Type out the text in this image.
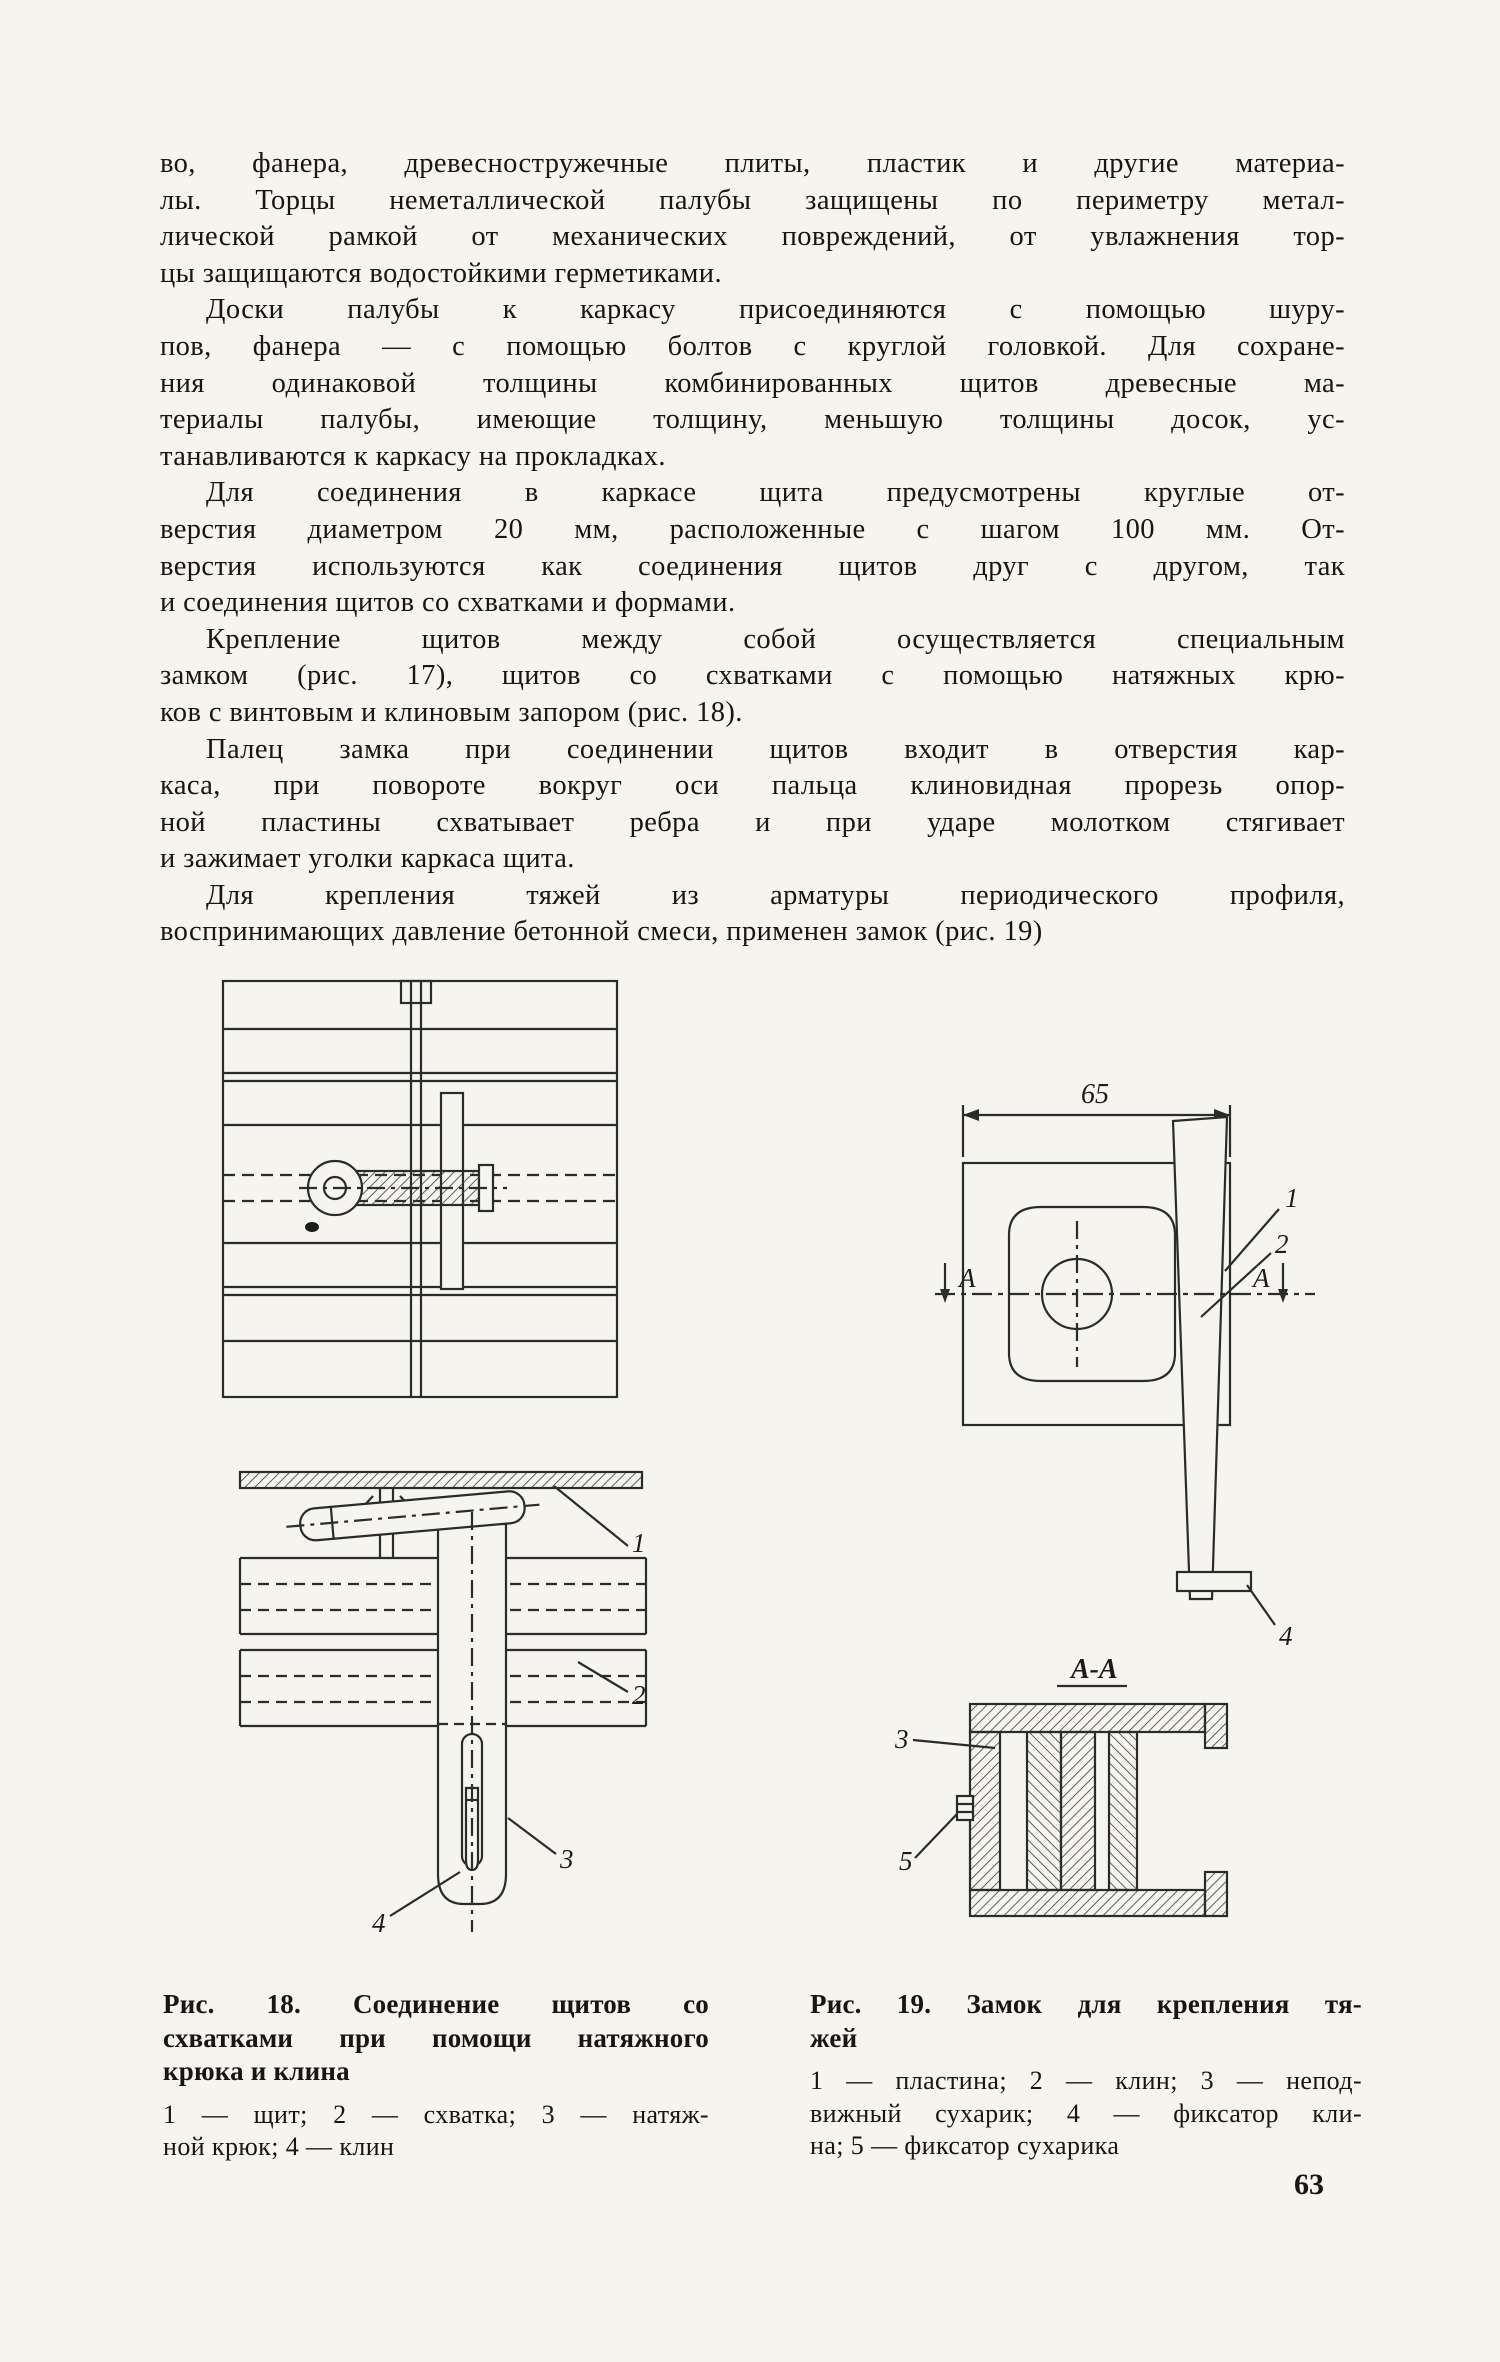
во, фанера, древесностружечные плиты, пластик и другие материа-
лы. Торцы неметаллической палубы защищены по периметру метал-
лической рамкой от механических повреждений, от увлажнения тор-
цы защищаются водостойкими герметиками.
Доски палубы к каркасу присоединяются с помощью шуру-
пов, фанера — с помощью болтов с круглой головкой. Для сохране-
ния одинаковой толщины комбинированных щитов древесные ма-
териалы палубы, имеющие толщину, меньшую толщины досок, ус-
танавливаются к каркасу на прокладках.
Для соединения в каркасе щита предусмотрены круглые от-
верстия диаметром 20 мм, расположенные с шагом 100 мм. От-
верстия используются как соединения щитов друг с другом, так
и соединения щитов со схватками и формами.
Крепление щитов между собой осуществляется специальным
замком (рис. 17), щитов со схватками с помощью натяжных крю-
ков с винтовым и клиновым запором (рис. 18).
Палец замка при соединении щитов входит в отверстия кар-
каса, при повороте вокруг оси пальца клиновидная прорезь опор-
ной пластины схватывает ребра и при ударе молотком стягивает
и зажимает уголки каркаса щита.
Для крепления тяжей из арматуры периодического профиля,
воспринимающих давление бетонной смеси, применен замок (рис. 19)
1
2
3
4
65
А	А
1
2
4
А-А
3
5
Рис. 18. Соединение щитов со
схватками при помощи натяжного
крюка и клина
1 — щит; 2 — схватка; 3 — натяж-
ной крюк; 4 — клин
Рис. 19. Замок для крепления тя-
жей
1 — пластина; 2 — клин; 3 — непод-
вижный сухарик; 4 — фиксатор кли-
на; 5 — фиксатор сухарика
63
